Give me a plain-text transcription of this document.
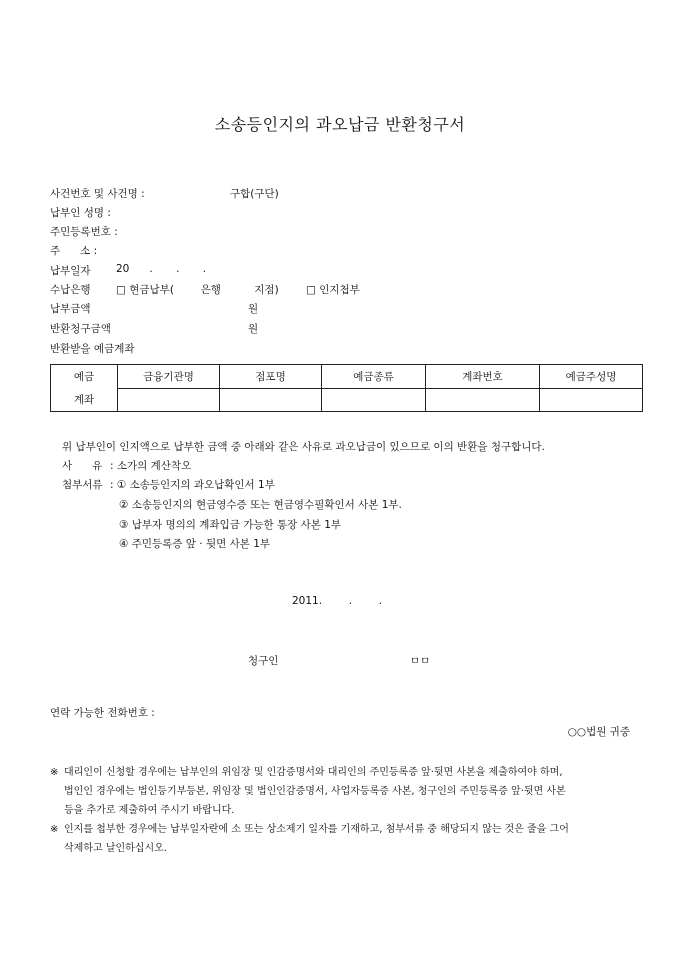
소송등인지의 과오납금 반환청구서
사건번호 및 사건명 :	구합(구단)
납부인 성명 :
주민등록번호 :
주      소 :
납부일자 20      .       .       .
수납은행 □ 현금납부(        은행          지점)	□ 인지첩부
납부금액	원
반환청구금액	원
반환받을 예금계좌
예금	금융기관명	점포명	예금종류	계좌번호	예금주성명
계좌					
위 납부인이 인지액으로 납부한 금액 중 아래와 같은 사유로 과오납금이 있으므로 이의 반환을 청구합니다.
사      유 : 소가의 계산착오
첨부서류 : ① 소송등인지의 과오납확인서 1부
② 소송등인지의 현금영수증 또는 현금영수필확인서 사본 1부.
③ 납부자 명의의 계좌입금 가능한 통장 사본 1부
④ 주민등록증 앞 · 뒷면 사본 1부
2011.        .        .
청구인	ㅁㅁ
연락 가능한 전화번호 :
○○법원 귀중
※ 대리인이 신청할 경우에는 납부인의 위임장 및 인감증명서와 대리인의 주민등록증 앞·뒷면 사본을 제출하여야 하며,
법인인 경우에는 법인등기부등본, 위임장 및 법인인감증명서, 사업자등록증 사본, 청구인의 주민등록증 앞·뒷면 사본
등을 추가로 제출하여 주시기 바랍니다.
※ 인지를 첩부한 경우에는 납부일자란에 소 또는 상소제기 일자를 기재하고, 첨부서류 중 해당되지 않는 것은 줄을 그어
삭제하고 날인하십시오.
